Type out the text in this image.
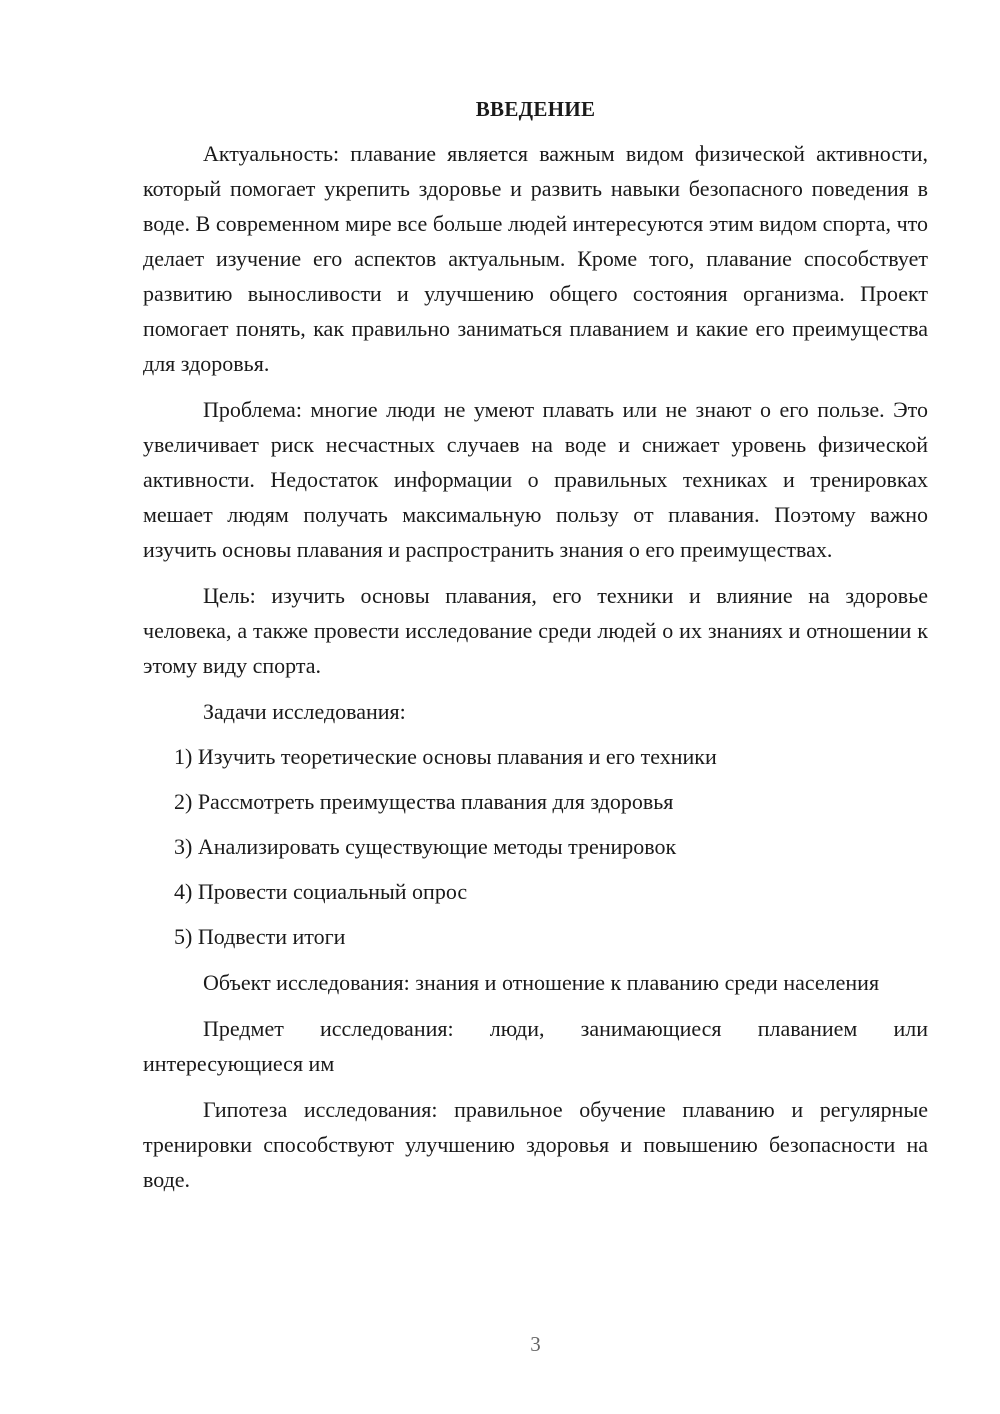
ВВЕДЕНИЕ

Актуальность: плавание является важным видом физической активности, который помогает укрепить здоровье и развить навыки безопасного поведения в воде. В современном мире все больше людей интересуются этим видом спорта, что делает изучение его аспектов актуальным. Кроме того, плавание способствует развитию выносливости и улучшению общего состояния организма. Проект помогает понять, как правильно заниматься плаванием и какие его преимущества для здоровья.

Проблема: многие люди не умеют плавать или не знают о его пользе. Это увеличивает риск несчастных случаев на воде и снижает уровень физической активности. Недостаток информации о правильных техниках и тренировках мешает людям получать максимальную пользу от плавания. Поэтому важно изучить основы плавания и распространить знания о его преимуществах.

Цель: изучить основы плавания, его техники и влияние на здоровье человека, а также провести исследование среди людей о их знаниях и отношении к этому виду спорта.

Задачи исследования:

1) Изучить теоретические основы плавания и его техники
2) Рассмотреть преимущества плавания для здоровья
3) Анализировать существующие методы тренировок
4) Провести социальный опрос
5) Подвести итоги

Объект исследования: знания и отношение к плаванию среди населения

Предмет исследования: люди, занимающиеся плаванием или интересующиеся им

Гипотеза исследования: правильное обучение плаванию и регулярные тренировки способствуют улучшению здоровья и повышению безопасности на воде.

3
